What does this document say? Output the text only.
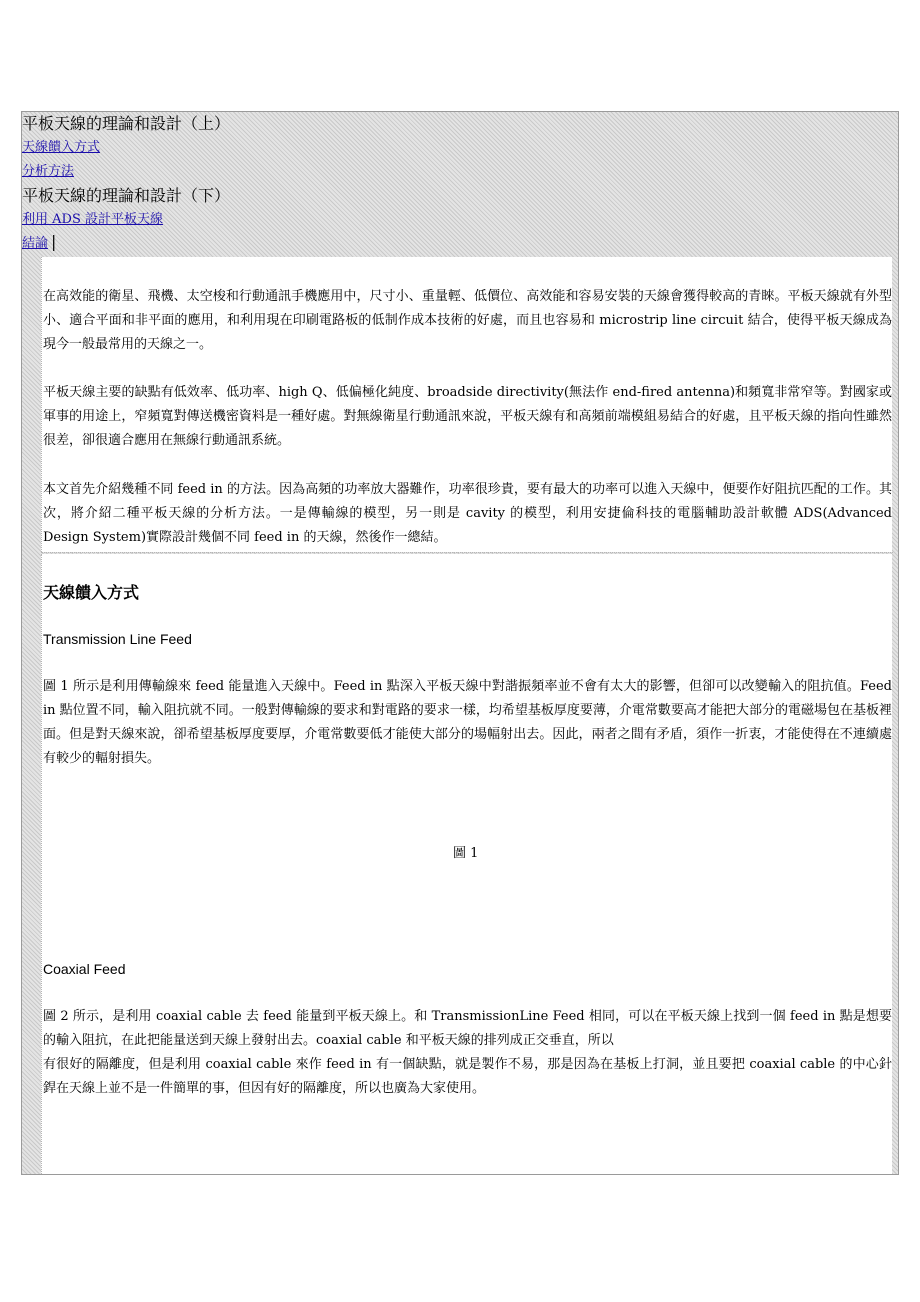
平板天線的理論和設計（上）
天線饋入方式
分析方法
平板天線的理論和設計（下）
利用 ADS 設計平板天線
結論 |

在高效能的衛星、飛機、太空梭和行動通訊手機應用中，尺寸小、重量輕、低價位、高效能和容易安裝的天線會獲得較高的青睞。平板天線就有外型小、適合平面和非平面的應用，和利用現在印刷電路板的低制作成本技術的好處，而且也容易和 microstrip line circuit 結合，使得平板天線成為現今一般最常用的天線之一。

平板天線主要的缺點有低效率、低功率、high Q、低偏極化純度、broadside directivity(無法作 end-fired antenna)和頻寬非常窄等。對國家或軍事的用途上，窄頻寬對傳送機密資料是一種好處。對無線衛星行動通訊來說，平板天線有和高頻前端模組易結合的好處，且平板天線的指向性雖然很差，卻很適合應用在無線行動通訊系統。

本文首先介紹幾種不同 feed in 的方法。因為高頻的功率放大器難作，功率很珍貴，要有最大的功率可以進入天線中，便要作好阻抗匹配的工作。其次，將介紹二種平板天線的分析方法。一是傳輸線的模型，另一則是 cavity 的模型，利用安捷倫科技的電腦輔助設計軟體 ADS(Advanced Design System)實際設計幾個不同 feed in 的天線，然後作一總結。

天線饋入方式
Transmission Line Feed

圖 1 所示是利用傳輸線來 feed 能量進入天線中。Feed in 點深入平板天線中對諧振頻率並不會有太大的影響，但卻可以改變輸入的阻抗值。Feed in 點位置不同，輸入阻抗就不同。一般對傳輸線的要求和對電路的要求一樣，均希望基板厚度要薄，介電常數要高才能把大部分的電磁場包在基板裡面。但是對天線來說，卻希望基板厚度要厚，介電常數要低才能使大部分的場幅射出去。因此，兩者之間有矛盾，須作一折衷，才能使得在不連續處有較少的輻射損失。

圖 1
Coaxial Feed

圖 2 所示，是利用 coaxial cable 去 feed 能量到平板天線上。和 TransmissionLine Feed 相同，可以在平板天線上找到一個 feed in 點是想要的輸入阻抗，在此把能量送到天線上發射出去。coaxial cable 和平板天線的排列成正交垂直，所以

有很好的隔離度，但是利用 coaxial cable 來作 feed in 有一個缺點，就是製作不易，那是因為在基板上打洞，並且要把 coaxial cable 的中心針銲在天線上並不是一件簡單的事，但因有好的隔離度，所以也廣為大家使用。
